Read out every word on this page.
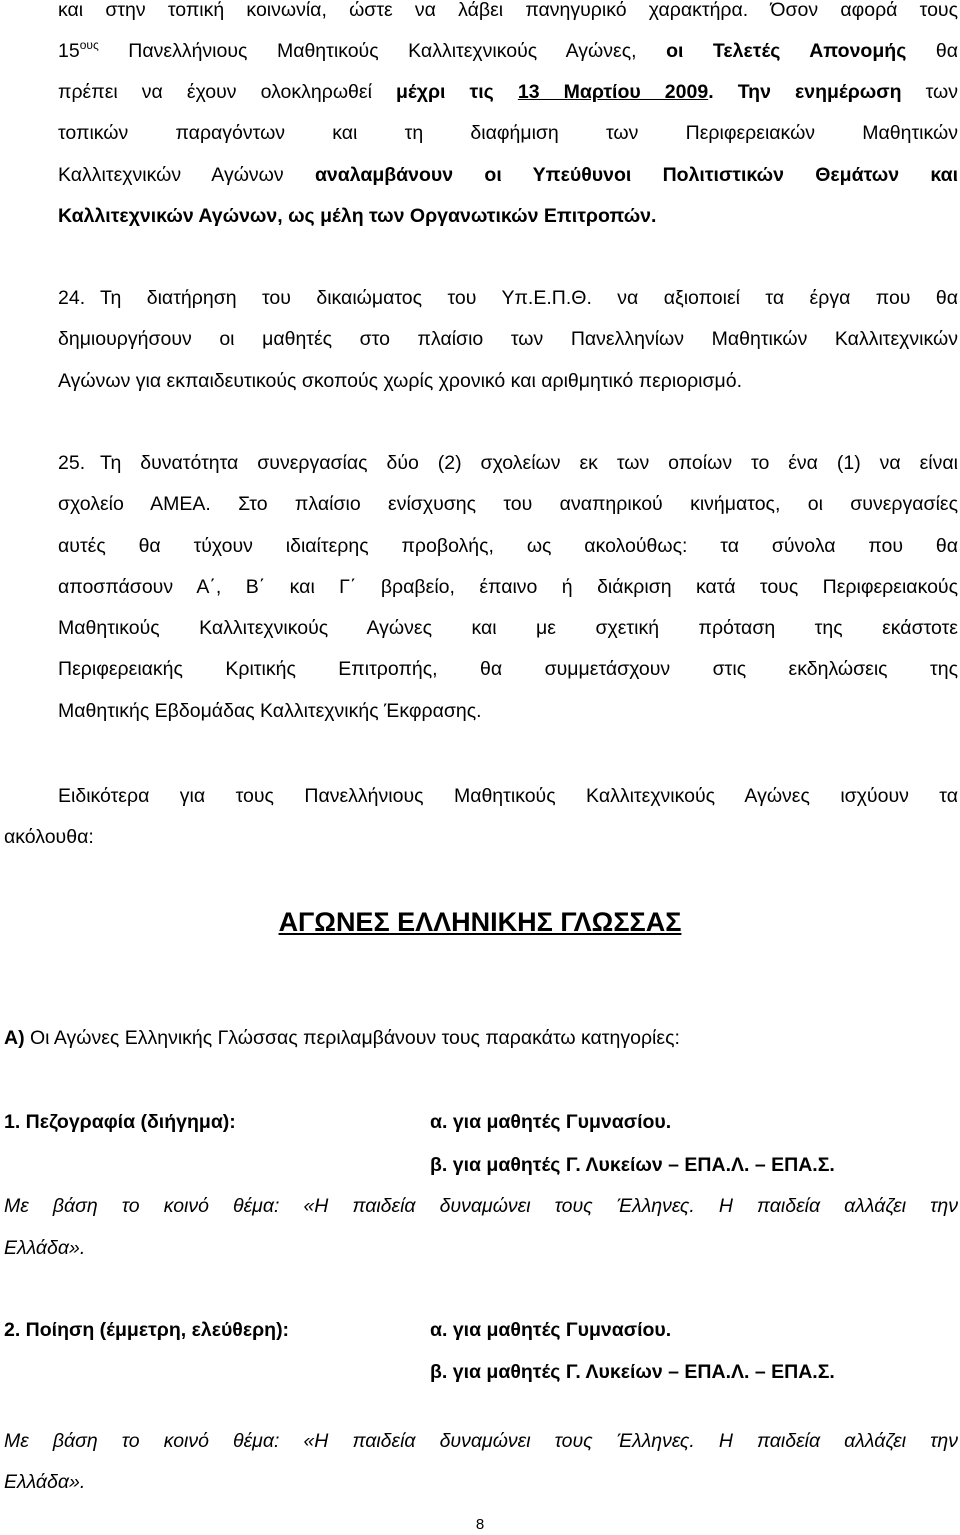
και στην τοπική κοινωνία, ώστε να λάβει πανηγυρικό χαρακτήρα. Όσον αφορά τους
$15^{o\upsilon\varsigma}$ Πανελλήνιους Μαθητικούς Καλλιτεχνικούς Αγώνες, οι Τελετές Απονομής θα
πρέπει να έχουν ολοκληρωθεί μέχρι τις 13 Μαρτίου 2009. Την ενημέρωση των
τοπικών παραγόντων και τη διαφήμιση των Περιφερειακών Μαθητικών
Καλλιτεχνικών Αγώνων αναλαμβάνουν οι Υπεύθυνοι Πολιτιστικών Θεμάτων και
Καλλιτεχνικών Αγώνων, ως μέλη των Οργανωτικών Επιτροπών.
24. Τη διατήρηση του δικαιώματος του Υπ.Ε.Π.Θ. να αξιοποιεί τα έργα που θα
δημιουργήσουν οι μαθητές στο πλαίσιο των Πανελληνίων Μαθητικών Καλλιτεχνικών
Αγώνων για εκπαιδευτικούς σκοπούς χωρίς χρονικό και αριθμητικό περιορισμό.
25. Τη δυνατότητα συνεργασίας δύο (2) σχολείων εκ των οποίων το ένα (1) να είναι
σχολείο ΑΜΕΑ. Στο πλαίσιο ενίσχυσης του αναπηρικού κινήματος, οι συνεργασίες
αυτές θα τύχουν ιδιαίτερης προβολής, ως ακολούθως: τα σύνολα που θα
αποσπάσουν Α΄, Β΄ και Γ΄ βραβείο, έπαινο ή διάκριση κατά τους Περιφερειακούς
Μαθητικούς Καλλιτεχνικούς Αγώνες και με σχετική πρόταση της εκάστοτε
Περιφερειακής Κριτικής Επιτροπής, θα συμμετάσχουν στις εκδηλώσεις της
Μαθητικής Εβδομάδας Καλλιτεχνικής Έκφρασης.
Ειδικότερα για τους Πανελλήνιους Μαθητικούς Καλλιτεχνικούς Αγώνες ισχύουν τα
ακόλουθα:
ΑΓΩΝΕΣ ΕΛΛΗΝΙΚΗΣ ΓΛΩΣΣΑΣ
Α) Οι Αγώνες Ελληνικής Γλώσσας περιλαμβάνουν τους παρακάτω κατηγορίες:
1. Πεζογραφία (διήγημα):	α. για μαθητές Γυμνασίου.
β. για μαθητές Γ. Λυκείων – ΕΠΑ.Λ. – ΕΠΑ.Σ.
Με βάση το κοινό θέμα: «Η παιδεία δυναμώνει τους Έλληνες. Η παιδεία αλλάζει την
Ελλάδα».
2. Ποίηση (έμμετρη, ελεύθερη):	α. για μαθητές Γυμνασίου.
β. για μαθητές Γ. Λυκείων – ΕΠΑ.Λ. – ΕΠΑ.Σ.
Με βάση το κοινό θέμα: «Η παιδεία δυναμώνει τους Έλληνες. Η παιδεία αλλάζει την
Ελλάδα».
8
